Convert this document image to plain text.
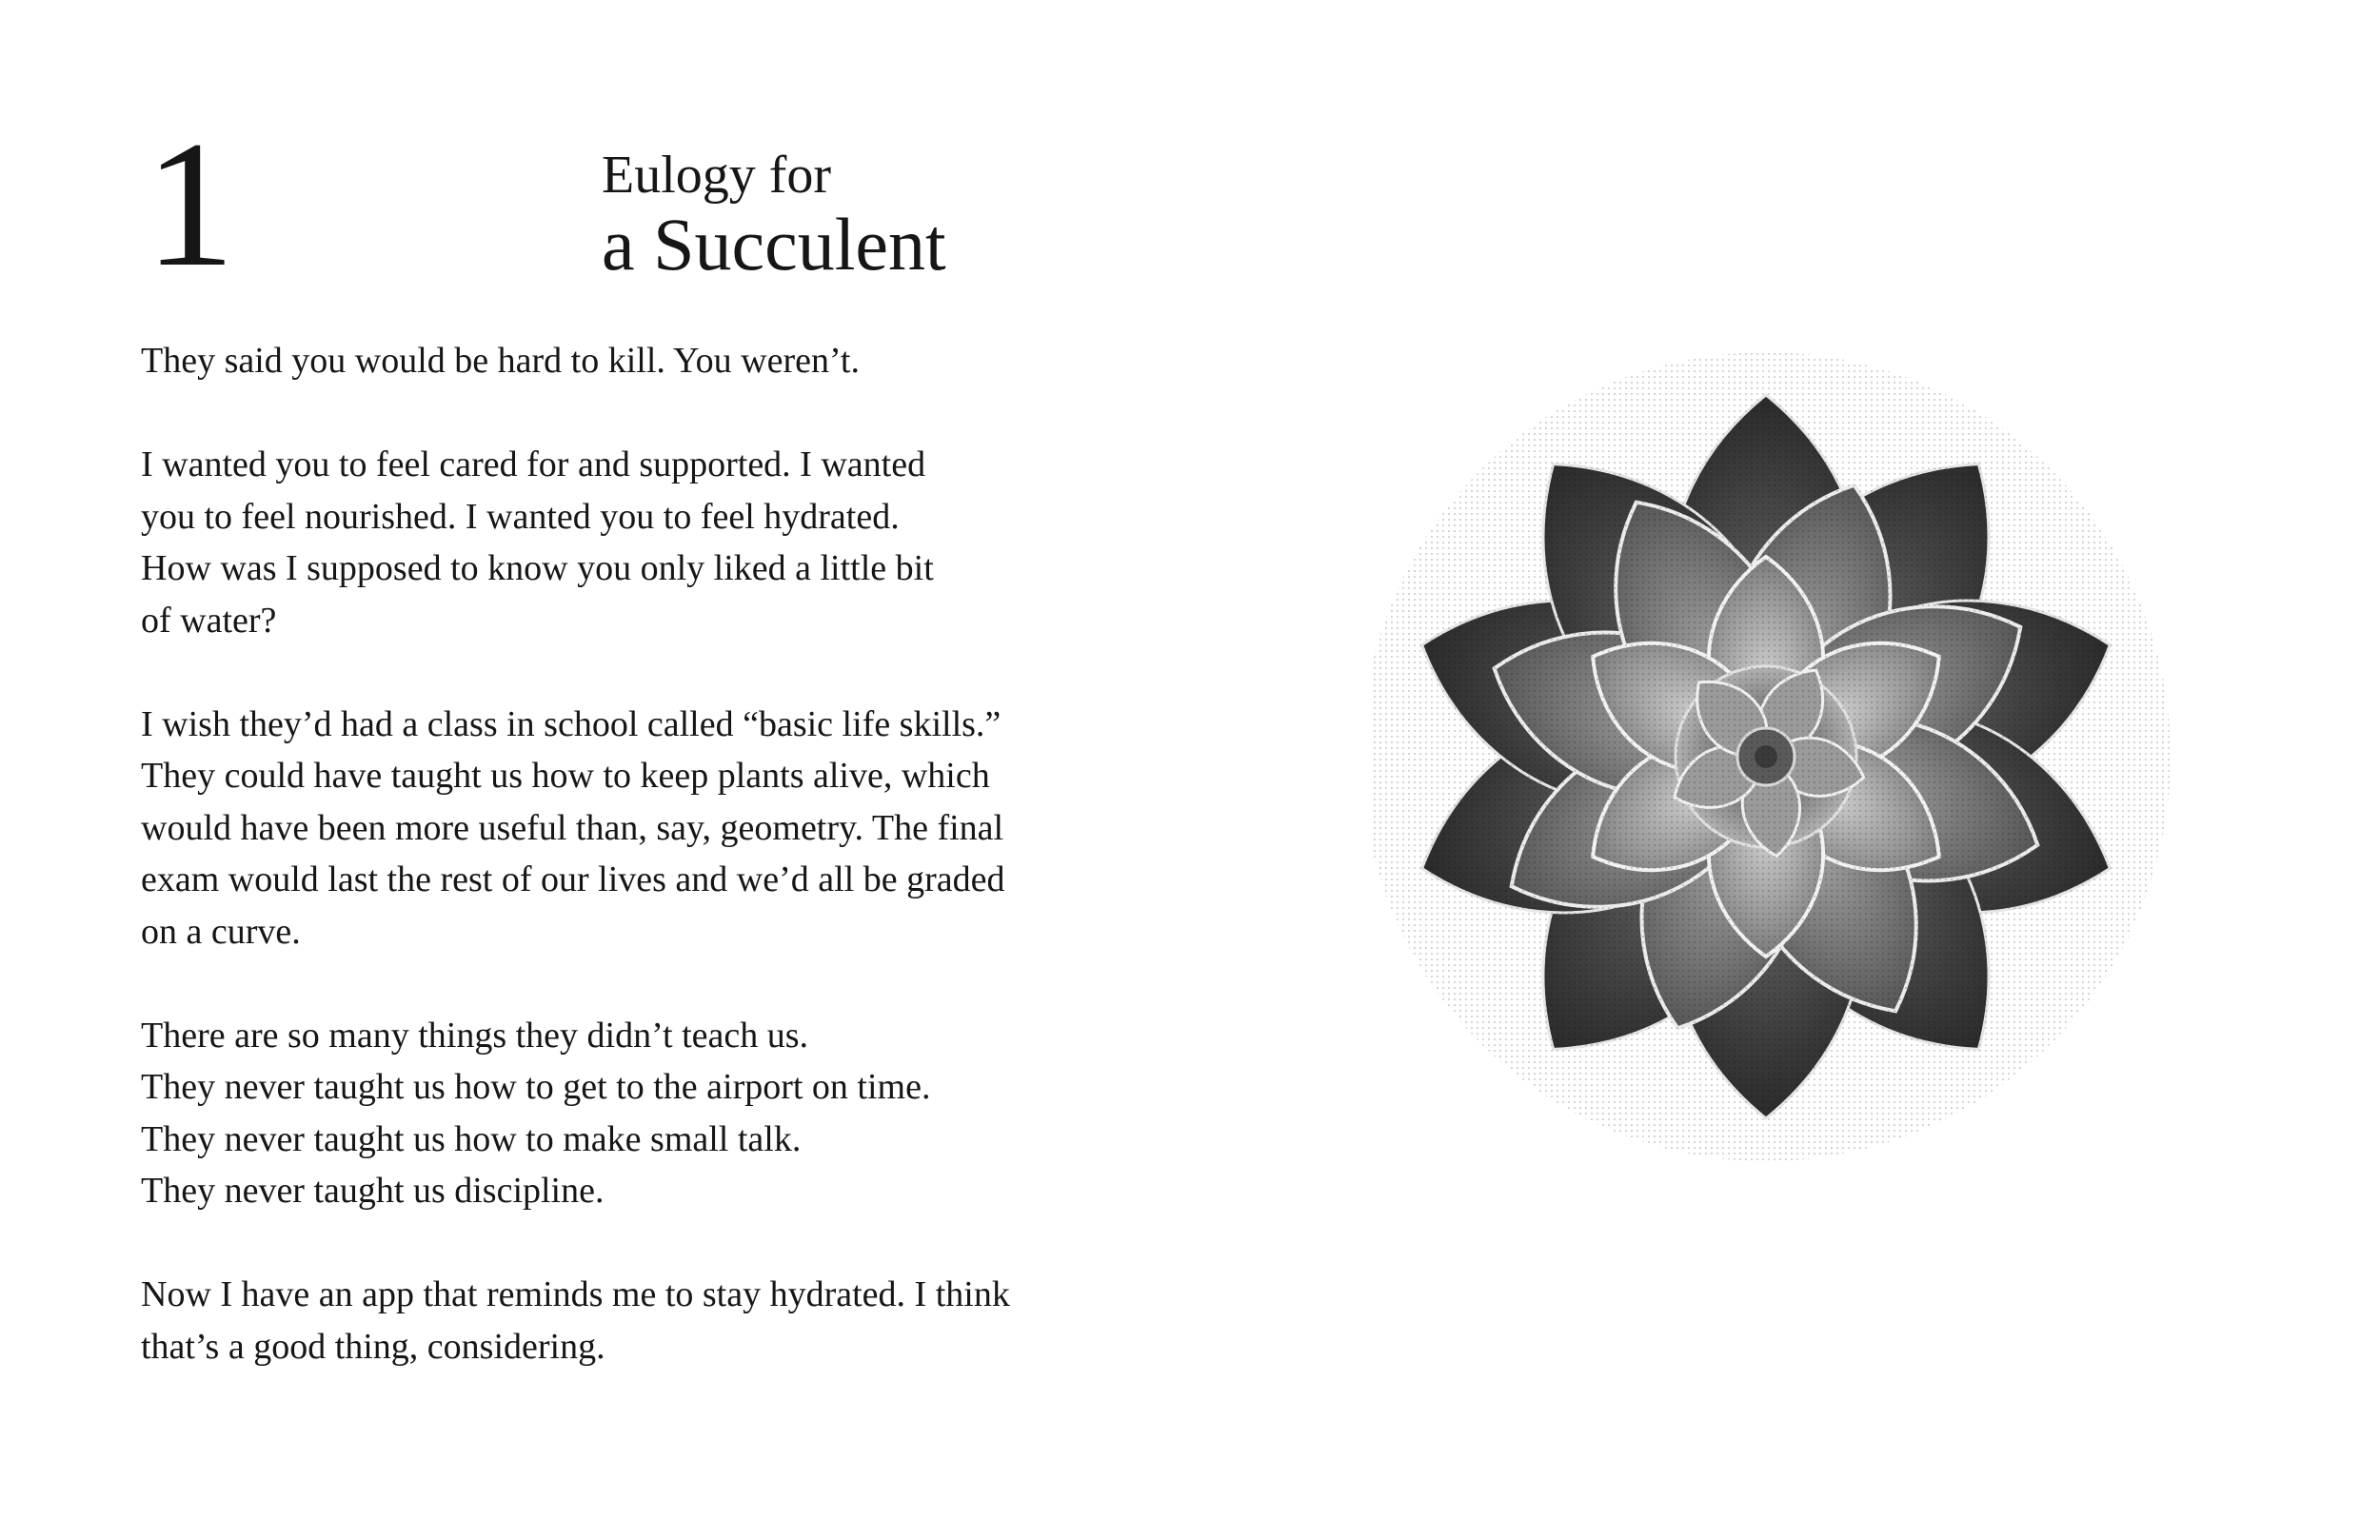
1	Eulogy for
a Succulent

They said you would be hard to kill. You weren’t.

I wanted you to feel cared for and supported. I wanted
you to feel nourished. I wanted you to feel hydrated.
How was I supposed to know you only liked a little bit
of water?

I wish they’d had a class in school called “basic life skills.”
They could have taught us how to keep plants alive, which
would have been more useful than, say, geometry. The final
exam would last the rest of our lives and we’d all be graded
on a curve.

There are so many things they didn’t teach us.
They never taught us how to get to the airport on time.
They never taught us how to make small talk.
They never taught us discipline.

Now I have an app that reminds me to stay hydrated. I think
that’s a good thing, considering.
